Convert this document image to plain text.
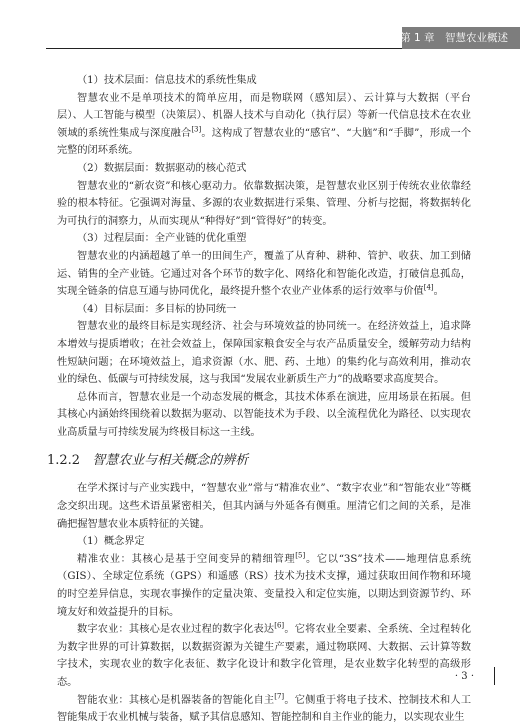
第 1 章　智慧农业概述

（1）技术层面：信息技术的系统性集成

智慧农业不是单项技术的简单应用，而是物联网（感知层）、云计算与大数据（平台层）、人工智能与模型（决策层）、机器人技术与自动化（执行层）等新一代信息技术在农业领域的系统性集成与深度融合[3]。这构成了智慧农业的“感官”、“大脑”和“手脚”，形成一个完整的闭环系统。

（2）数据层面：数据驱动的核心范式

智慧农业的“新农资”和核心驱动力。依靠数据决策，是智慧农业区别于传统农业依靠经验的根本特征。它强调对海量、多源的农业数据进行采集、管理、分析与挖掘，将数据转化为可执行的洞察力，从而实现从“种得好”到“管得好”的转变。

（3）过程层面：全产业链的优化重塑

智慧农业的内涵超越了单一的田间生产，覆盖了从育种、耕种、管护、收获、加工到储运、销售的全产业链。它通过对各个环节的数字化、网络化和智能化改造，打破信息孤岛，实现全链条的信息互通与协同优化，最终提升整个农业产业体系的运行效率与价值[4]。

（4）目标层面：多目标的协同统一

智慧农业的最终目标是实现经济、社会与环境效益的协同统一。在经济效益上，追求降本增效与提质增收；在社会效益上，保障国家粮食安全与农产品质量安全，缓解劳动力结构性短缺问题；在环境效益上，追求资源（水、肥、药、土地）的集约化与高效利用，推动农业的绿色、低碳与可持续发展，这与我国“发展农业新质生产力”的战略要求高度契合。

总体而言，智慧农业是一个动态发展的概念，其技术体系在演进，应用场景在拓展。但其核心内涵始终围绕着以数据为驱动、以智能技术为手段、以全流程优化为路径、以实现农业高质量与可持续发展为终极目标这一主线。

1.2.2 智慧农业与相关概念的辨析

在学术探讨与产业实践中，“智慧农业”常与“精准农业”、“数字农业”和“智能农业”等概念交织出现。这些术语虽紧密相关，但其内涵与外延各有侧重。厘清它们之间的关系，是准确把握智慧农业本质特征的关键。

（1）概念界定

精准农业：其核心是基于空间变异的精细管理[5]。它以“3S”技术——地理信息系统（GIS）、全球定位系统（GPS）和遥感（RS）技术为技术支撑，通过获取田间作物和环境的时空差异信息，实现农事操作的定量决策、变量投入和定位实施，以期达到资源节约、环境友好和效益提升的目标。

数字农业：其核心是农业过程的数字化表达[6]。它将农业全要素、全系统、全过程转化为数字世界的可计算数据，以数据资源为关键生产要素，通过物联网、大数据、云计算等数字技术，实现农业的数字化表征、数字化设计和数字化管理，是农业数字化转型的高级形态。

智能农业：其核心是机器装备的智能化自主[7]。它侧重于将电子技术、控制技术和人工智能集成于农业机械与装备，赋予其信息感知、智能控制和自主作业的能力，以实现农业生

· 3 ·
